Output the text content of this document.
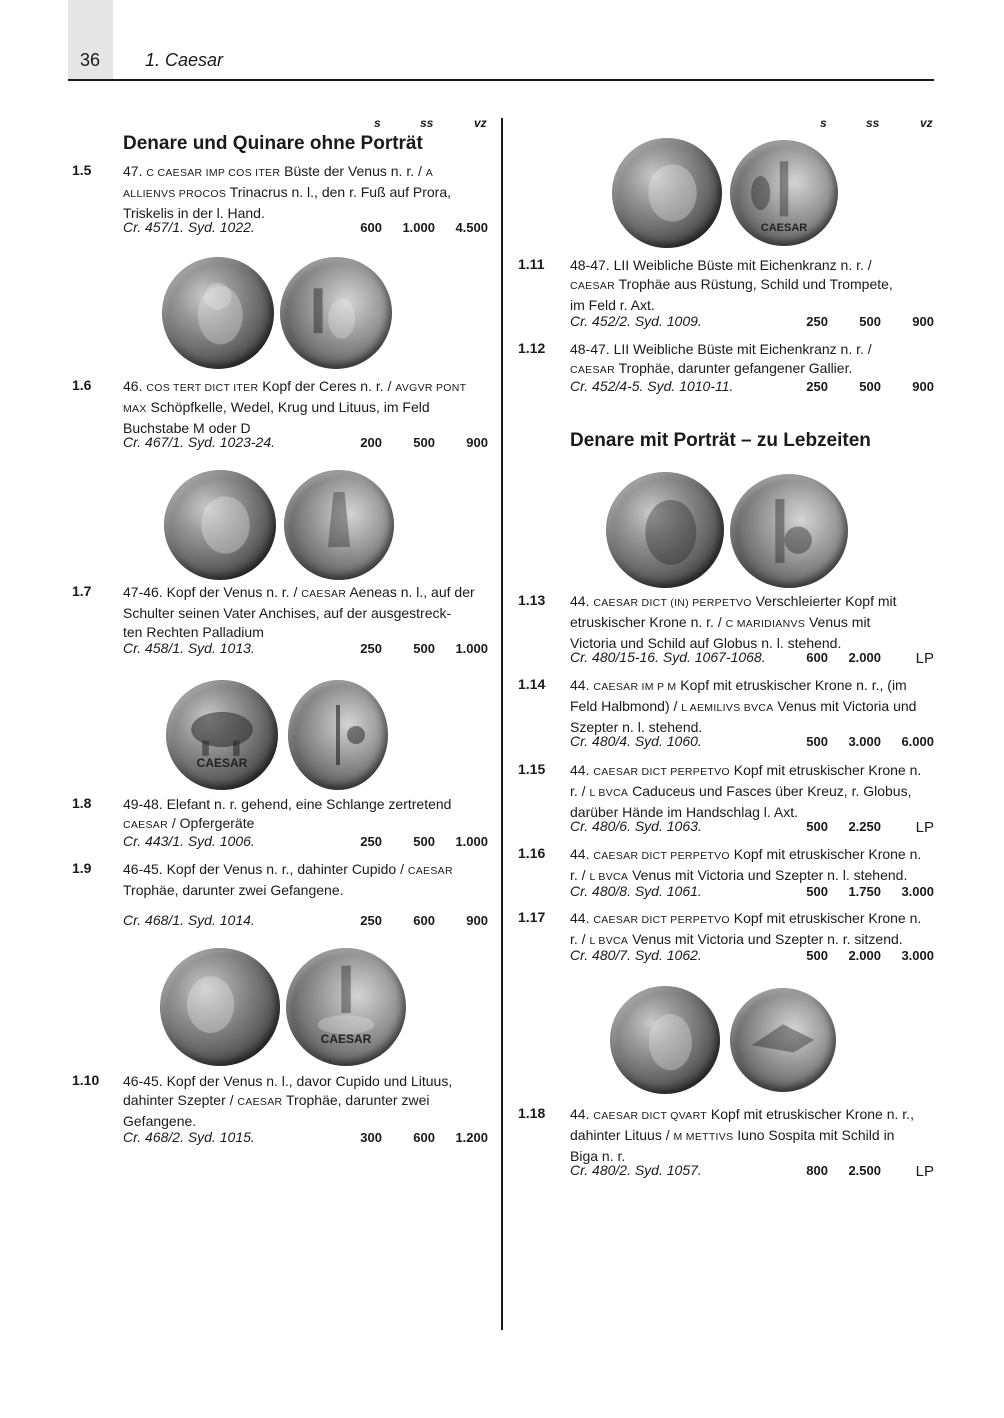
36 1. Caesar
s	ss	vz	s	ss	vz
Denare und Quinare ohne Porträt
Denare mit Porträt – zu Lebzeiten
1.5 47. C CAESAR IMP COS ITER Büste der Venus n. r. / A
ALLIENVS PROCOS Trinacrus n. l., den r. Fuß auf Prora,
Triskelis in der l. Hand.
Cr. 457/1. Syd. 1022.	600	1.000	4.500
1.6 46. COS TERT DICT ITER Kopf der Ceres n. r. / AVGVR PONT
MAX Schöpfkelle, Wedel, Krug und Lituus, im Feld
Buchstabe M oder D
Cr. 467/1. Syd. 1023-24.	200	500	900
1.7 47-46. Kopf der Venus n. r. / CAESAR Aeneas n. l., auf der
Schulter seinen Vater Anchises, auf der ausgestreck-
ten Rechten Palladium
Cr. 458/1. Syd. 1013.	250	500	1.000
1.8 49-48. Elefant n. r. gehend, eine Schlange zertretend
CAESAR / Opfergeräte
Cr. 443/1. Syd. 1006.	250	500	1.000
1.9 46-45. Kopf der Venus n. r., dahinter Cupido / CAESAR
Trophäe, darunter zwei Gefangene.
Cr. 468/1. Syd. 1014.	250	600	900
1.10 46-45. Kopf der Venus n. l., davor Cupido und Lituus,
dahinter Szepter / CAESAR Trophäe, darunter zwei
Gefangene.
Cr. 468/2. Syd. 1015.	300	600	1.200
1.11 48-47. LII Weibliche Büste mit Eichenkranz n. r. /
CAESAR Trophäe aus Rüstung, Schild und Trompete,
im Feld r. Axt.
Cr. 452/2. Syd. 1009.	250	500	900
1.12 48-47. LII Weibliche Büste mit Eichenkranz n. r. /
CAESAR Trophäe, darunter gefangener Gallier.
Cr. 452/4-5. Syd. 1010-11.	250	500	900
1.13 44. CAESAR DICT (IN) PERPETVO Verschleierter Kopf mit
etruskischer Krone n. r. / C MARIDIANVS Venus mit
Victoria und Schild auf Globus n. l. stehend.
Cr. 480/15-16. Syd. 1067-1068.	600	2.000	LP
1.14 44. CAESAR IM P M Kopf mit etruskischer Krone n. r., (im
Feld Halbmond) / L AEMILIVS BVCA Venus mit Victoria und
Szepter n. l. stehend.
Cr. 480/4. Syd. 1060.	500	3.000	6.000
1.15 44. CAESAR DICT PERPETVO Kopf mit etruskischer Krone n.
r. / L BVCA Caduceus und Fasces über Kreuz, r. Globus,
darüber Hände im Handschlag l. Axt.
Cr. 480/6. Syd. 1063.	500	2.250	LP
1.16 44. CAESAR DICT PERPETVO Kopf mit etruskischer Krone n.
r. / L BVCA Venus mit Victoria und Szepter n. l. stehend.
Cr. 480/8. Syd. 1061.	500	1.750	3.000
1.17 44. CAESAR DICT PERPETVO Kopf mit etruskischer Krone n.
r. / L BVCA Venus mit Victoria und Szepter n. r. sitzend.
Cr. 480/7. Syd. 1062.	500	2.000	3.000
1.18 44. CAESAR DICT QVART Kopf mit etruskischer Krone n. r.,
dahinter Lituus / M METTIVS Iuno Sospita mit Schild in
Biga n. r.
Cr. 480/2. Syd. 1057.	800	2.500	LP
CAESAR
CAESAR
CAESAR
